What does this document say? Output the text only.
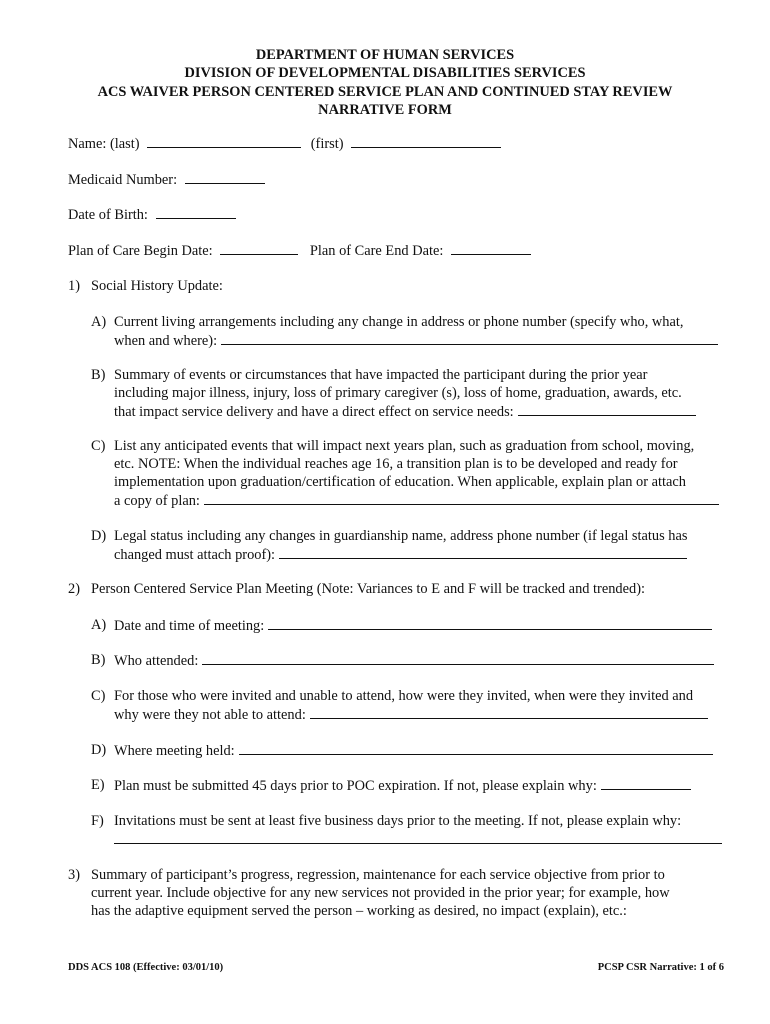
DEPARTMENT OF HUMAN SERVICES
DIVISION OF DEVELOPMENTAL DISABILITIES SERVICES
ACS WAIVER PERSON CENTERED SERVICE PLAN AND CONTINUED STAY REVIEW
NARRATIVE FORM
Name: (last)	(first)
Medicaid Number:
Date of Birth:
Plan of Care Begin Date:	Plan of Care End Date:
1) Social History Update:
A) Current living arrangements including any change in address or phone number (specify who, what,
when and where):
B) Summary of events or circumstances that have impacted the participant during the prior year
including major illness, injury, loss of primary caregiver (s), loss of home, graduation, awards, etc.
that impact service delivery and have a direct effect on service needs:
C) List any anticipated events that will impact next years plan, such as graduation from school, moving,
etc. NOTE: When the individual reaches age 16, a transition plan is to be developed and ready for
implementation upon graduation/certification of education. When applicable, explain plan or attach
a copy of plan:
D) Legal status including any changes in guardianship name, address phone number (if legal status has
changed must attach proof):
2) Person Centered Service Plan Meeting (Note: Variances to E and F will be tracked and trended):
A) Date and time of meeting:
B) Who attended:
C) For those who were invited and unable to attend, how were they invited, when were they invited and
why were they not able to attend:
D) Where meeting held:
E) Plan must be submitted 45 days prior to POC expiration. If not, please explain why:
F) Invitations must be sent at least five business days prior to the meeting. If not, please explain why:
3) Summary of participant’s progress, regression, maintenance for each service objective from prior to
current year. Include objective for any new services not provided in the prior year; for example, how
has the adaptive equipment served the person – working as desired, no impact (explain), etc.:
DDS ACS 108 (Effective: 03/01/10)	PCSP CSR Narrative: 1 of 6
